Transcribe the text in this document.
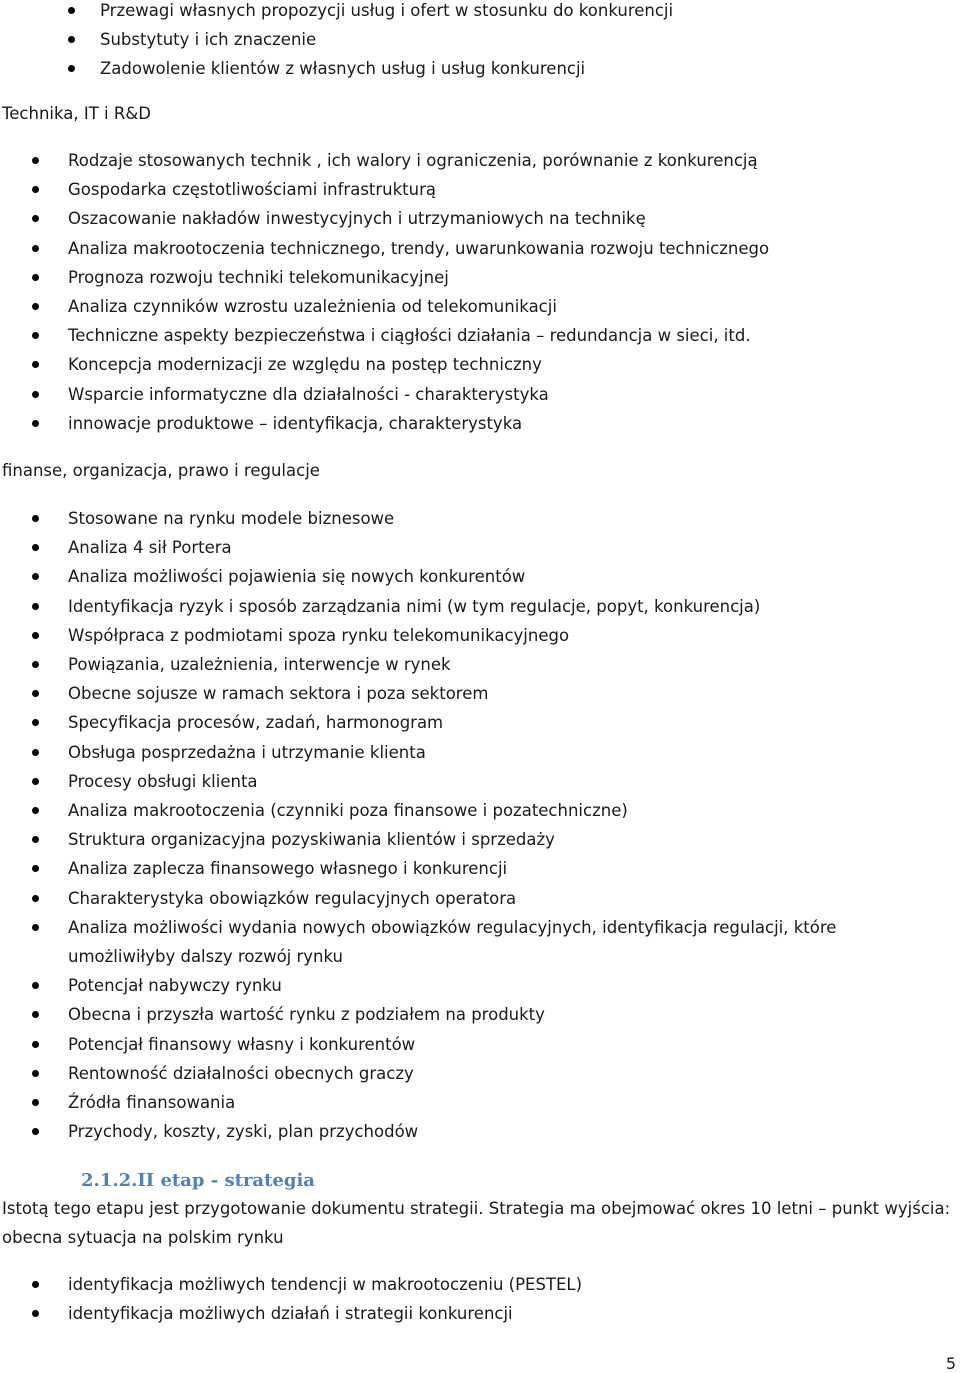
Przewagi własnych propozycji usług i ofert w stosunku do konkurencji
Substytuty i ich znaczenie
Zadowolenie klientów z własnych usług i usług konkurencji
Technika, IT i R&D
Rodzaje stosowanych technik , ich walory i ograniczenia, porównanie z konkurencją
Gospodarka częstotliwościami infrastrukturą
Oszacowanie nakładów inwestycyjnych i utrzymaniowych na technikę
Analiza makrootoczenia technicznego, trendy, uwarunkowania rozwoju technicznego
Prognoza rozwoju techniki telekomunikacyjnej
Analiza czynników wzrostu uzależnienia od telekomunikacji
Techniczne aspekty bezpieczeństwa i ciągłości działania – redundancja w sieci, itd.
Koncepcja modernizacji ze względu na postęp techniczny
Wsparcie informatyczne dla działalności - charakterystyka
innowacje produktowe – identyfikacja, charakterystyka
finanse, organizacja, prawo i regulacje
Stosowane na rynku modele biznesowe
Analiza 4 sił Portera
Analiza możliwości pojawienia się nowych konkurentów
Identyfikacja ryzyk i sposób zarządzania nimi (w tym regulacje, popyt, konkurencja)
Współpraca z podmiotami spoza rynku telekomunikacyjnego
Powiązania, uzależnienia, interwencje w rynek
Obecne sojusze w ramach sektora i poza sektorem
Specyfikacja procesów, zadań, harmonogram
Obsługa posprzedażna i utrzymanie klienta
Procesy obsługi klienta
Analiza makrootoczenia (czynniki poza finansowe i pozatechniczne)
Struktura organizacyjna pozyskiwania klientów i sprzedaży
Analiza zaplecza finansowego własnego i konkurencji
Charakterystyka obowiązków regulacyjnych operatora
Analiza możliwości wydania nowych obowiązków regulacyjnych, identyfikacja regulacji, które umożliwiłyby dalszy rozwój rynku
Potencjał nabywczy rynku
Obecna i przyszła wartość rynku z podziałem na produkty
Potencjał finansowy własny i konkurentów
Rentowność działalności obecnych graczy
Źródła finansowania
Przychody, koszty, zyski, plan przychodów
2.1.2.II etap - strategia
Istotą tego etapu jest przygotowanie dokumentu strategii. Strategia ma obejmować okres 10 letni – punkt wyjścia: obecna sytuacja na polskim rynku
identyfikacja możliwych tendencji w makrootoczeniu (PESTEL)
identyfikacja możliwych działań i strategii konkurencji
5
